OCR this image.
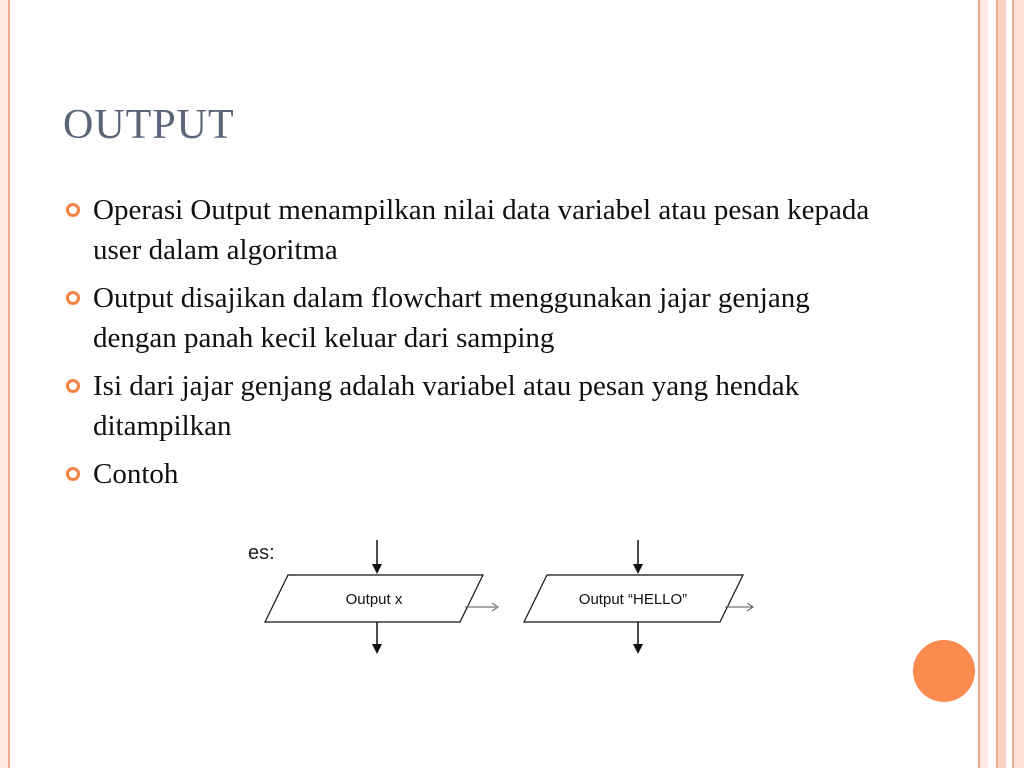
OUTPUT
Operasi Output menampilkan nilai data variabel atau pesan kepada user dalam algoritma
Output disajikan dalam flowchart menggunakan jajar genjang dengan panah kecil keluar dari samping
Isi dari jajar genjang adalah variabel atau pesan yang hendak ditampilkan
Contoh
es:
Output x	Output “HELLO”
